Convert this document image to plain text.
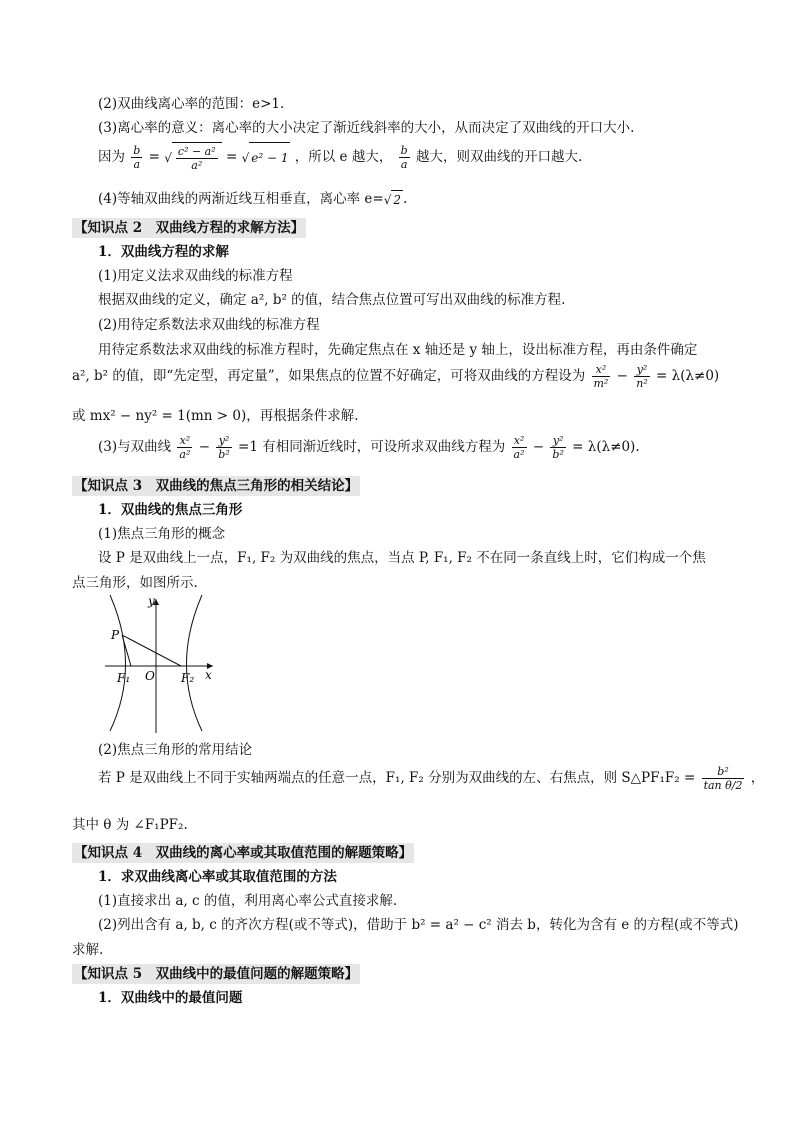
(2)双曲线离心率的范围：e>1.
(3)离心率的意义：离心率的大小决定了渐近线斜率的大小，从而决定了双曲线的开口大小.
因为 $\frac{b}{a}$ = √ $\frac{\text{c² − a²}}{\text{a²}}$ = √ e² − 1 ，所以 e 越大， $\frac{b}{a}$ 越大，则双曲线的开口越大.
(4)等轴双曲线的两渐近线互相垂直，离心率 e=√ 2 .
【知识点 2　双曲线方程的求解方法】
1．双曲线方程的求解
(1)用定义法求双曲线的标准方程
根据双曲线的定义，确定 a², b² 的值，结合焦点位置可写出双曲线的标准方程.
(2)用待定系数法求双曲线的标准方程
用待定系数法求双曲线的标准方程时，先确定焦点在 x 轴还是 y 轴上，设出标准方程，再由条件确定
a², b² 的值，即“先定型，再定量”，如果焦点的位置不好确定，可将双曲线的方程设为 $\frac{\text{x²}}{\text{m²}} - \frac{\text{y²}}{\text{n²}} = \lambda(\lambda\ne 0)$
或 mx² − ny² = 1(mn > 0)，再根据条件求解.
(3)与双曲线 $\frac{\text{x²}}{\text{a²}} - \frac{\text{y²}}{\text{b²}} =1$ 有相同渐近线时，可设所求双曲线方程为 $\frac{\text{x²}}{\text{a²}} - \frac{\text{y²}}{\text{b²}} = \lambda(\lambda\ne 0)$.
【知识点 3　双曲线的焦点三角形的相关结论】
1．双曲线的焦点三角形
(1)焦点三角形的概念
设 P 是双曲线上一点，F₁, F₂ 为双曲线的焦点，当点 P, F₁, F₂ 不在同一条直线上时，它们构成一个焦
点三角形，如图所示.
y
x
P
O
F₁	F₂
(2)焦点三角形的常用结论
若 P 是双曲线上不同于实轴两端点的任意一点，F₁, F₂ 分别为双曲线的左、右焦点，则 S△PF₁F₂ = $\frac{\text{b²}}{\text{tan θ/2}}$ ，
其中 θ 为 ∠F₁PF₂.
【知识点 4　双曲线的离心率或其取值范围的解题策略】
1．求双曲线离心率或其取值范围的方法
(1)直接求出 a, c 的值，利用离心率公式直接求解.
(2)列出含有 a, b, c 的齐次方程(或不等式)，借助于 b² = a² − c² 消去 b，转化为含有 e 的方程(或不等式)
求解.
【知识点 5　双曲线中的最值问题的解题策略】
1．双曲线中的最值问题
